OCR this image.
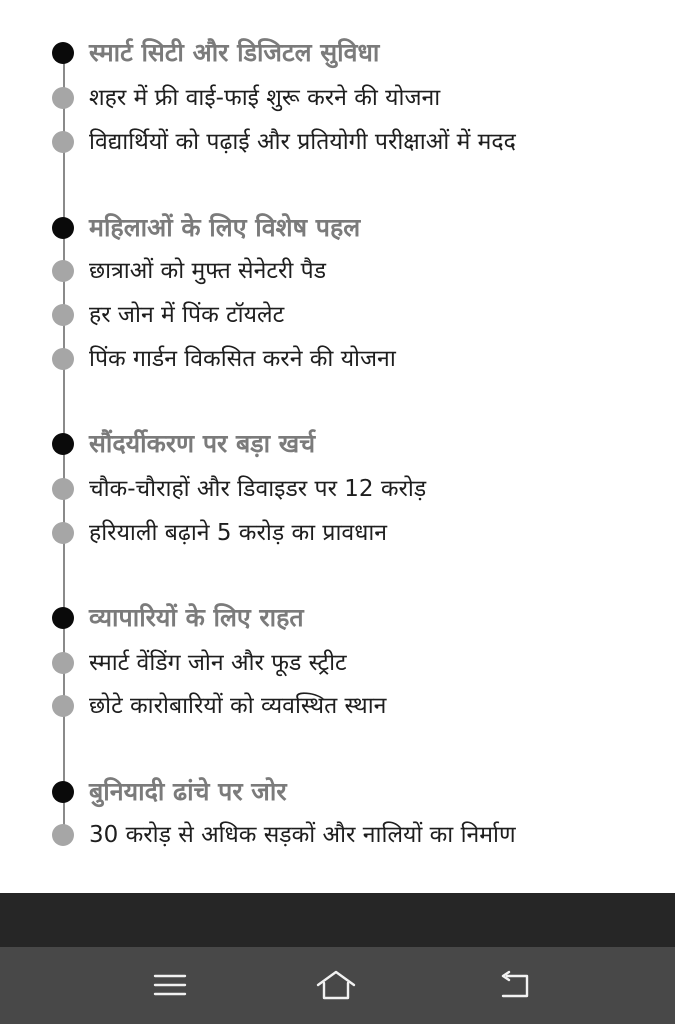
स्मार्ट सिटी और डिजिटल सुविधा
शहर में फ्री वाई-फाई शुरू करने की योजना
विद्यार्थियों को पढ़ाई और प्रतियोगी परीक्षाओं में मदद
महिलाओं के लिए विशेष पहल
छात्राओं को मुफ्त सेनेटरी पैड
हर जोन में पिंक टॉयलेट
पिंक गार्डन विकसित करने की योजना
सौंदर्यीकरण पर बड़ा खर्च
चौक-चौराहों और डिवाइडर पर 12 करोड़
हरियाली बढ़ाने 5 करोड़ का प्रावधान
व्यापारियों के लिए राहत
स्मार्ट वेंडिंग जोन और फूड स्ट्रीट
छोटे कारोबारियों को व्यवस्थित स्थान
बुनियादी ढांचे पर जोर
30 करोड़ से अधिक सड़कों और नालियों का निर्माण
